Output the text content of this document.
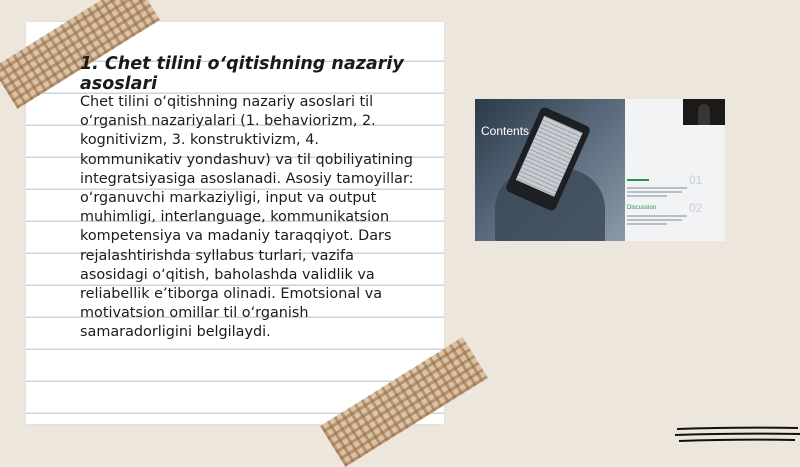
1. Chet tilini o‘qitishning nazariy asoslari
Chet tilini o‘qitishning nazariy asoslari til o‘rganish nazariyalari (1. behaviorizm, 2. kognitivizm, 3. konstruktivizm, 4. kommunikativ yondashuv) va til qobiliyatining integratsiyasiga asoslanadi. Asosiy tamoyillar: o‘rganuvchi markaziyligi, input va output muhimligi, interlanguage, kommunikatsion kompetensiya va madaniy taraqqiyot. Dars rejalashtirishda syllabus turlari, vazifa asosidagi o‘qitish, baholashda validlik va reliabellik e’tiborga olinadi. Emotsional va motivatsion omillar til o‘rganish samaradorligini belgilaydi.
Contents
01
Discussion	02
